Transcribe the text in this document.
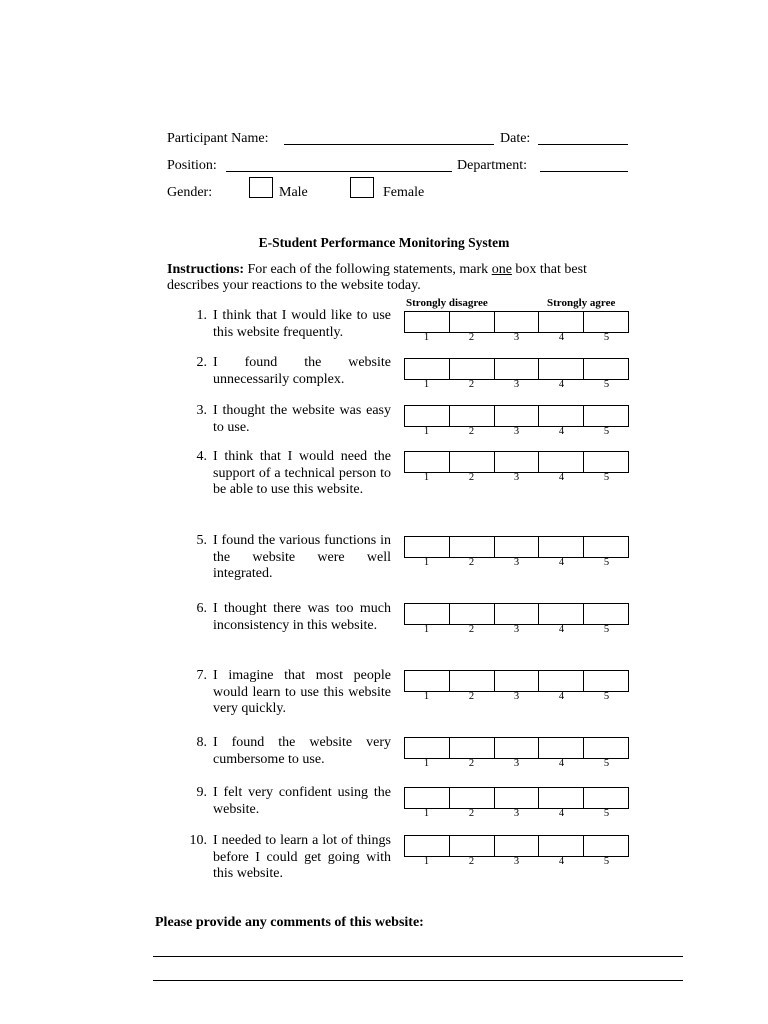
Participant Name:	Date:
Position:	Department:
Gender:	Male	Female
E-Student Performance Monitoring System
Instructions: For each of the following statements, mark one box that best describes your reactions to the website today.
Strongly disagree	Strongly agree
1. I think that I would like to use this website frequently.	1	2	3	4	5
2. I found the website unnecessarily complex.	1	2	3	4	5
3. I thought the website was easy to use.	1	2	3	4	5
4. I think that I would need the support of a technical person to be able to use this website.
1	2	3	4	5
5. I found the various functions in the website were well integrated.
1	2	3	4	5
6. I thought there was too much inconsistency in this website.	1	2	3	4	5
7. I imagine that most people would learn to use this website very quickly.
1	2	3	4	5
8. I found the website very cumbersome to use.	1	2	3	4	5
9. I felt very confident using the website.	1	2	3	4	5
10. I needed to learn a lot of things before I could get going with this website.
1	2	3	4	5
Please provide any comments of this website:
